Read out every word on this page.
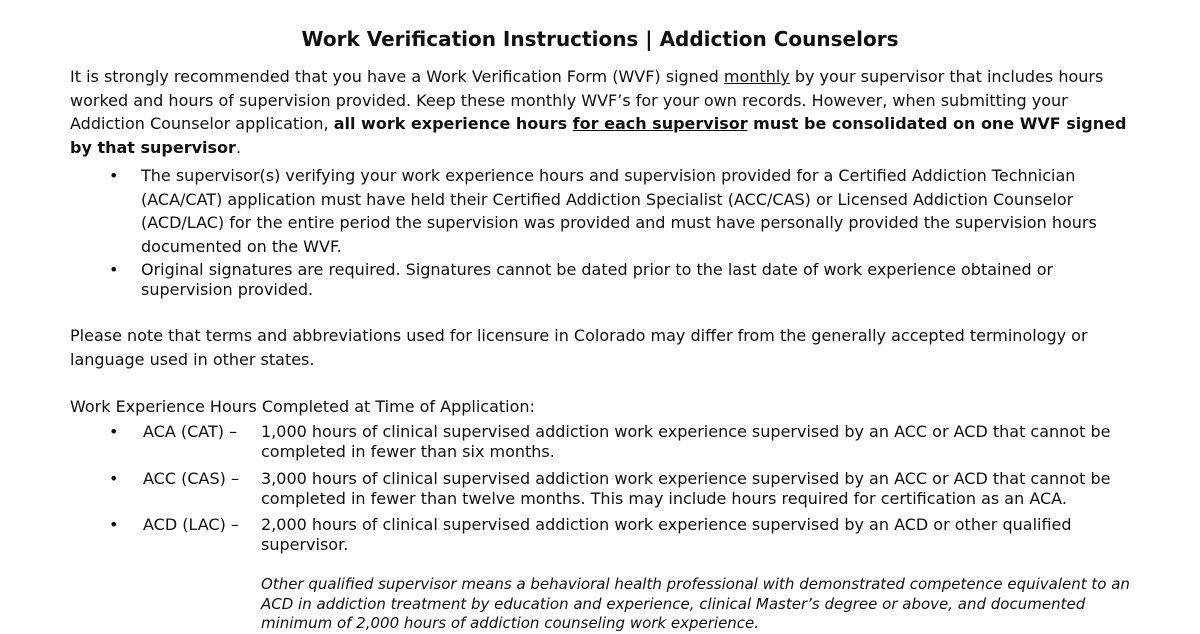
Work Verification Instructions | Addiction Counselors

It is strongly recommended that you have a Work Verification Form (WVF) signed monthly by your supervisor that includes hours worked and hours of supervision provided. Keep these monthly WVF’s for your own records. However, when submitting your Addiction Counselor application, all work experience hours for each supervisor must be consolidated on one WVF signed by that supervisor.

• The supervisor(s) verifying your work experience hours and supervision provided for a Certified Addiction Technician (ACA/CAT) application must have held their Certified Addiction Specialist (ACC/CAS) or Licensed Addiction Counselor (ACD/LAC) for the entire period the supervision was provided and must have personally provided the supervision hours documented on the WVF.
• Original signatures are required. Signatures cannot be dated prior to the last date of work experience obtained or supervision provided.

Please note that terms and abbreviations used for licensure in Colorado may differ from the generally accepted terminology or language used in other states.

Work Experience Hours Completed at Time of Application:

• ACA (CAT) – 1,000 hours of clinical supervised addiction work experience supervised by an ACC or ACD that cannot be completed in fewer than six months.
• ACC (CAS) – 3,000 hours of clinical supervised addiction work experience supervised by an ACC or ACD that cannot be completed in fewer than twelve months. This may include hours required for certification as an ACA.
• ACD (LAC) – 2,000 hours of clinical supervised addiction work experience supervised by an ACD or other qualified supervisor.

Other qualified supervisor means a behavioral health professional with demonstrated competence equivalent to an ACD in addiction treatment by education and experience, clinical Master’s degree or above, and documented minimum of 2,000 hours of addiction counseling work experience.
